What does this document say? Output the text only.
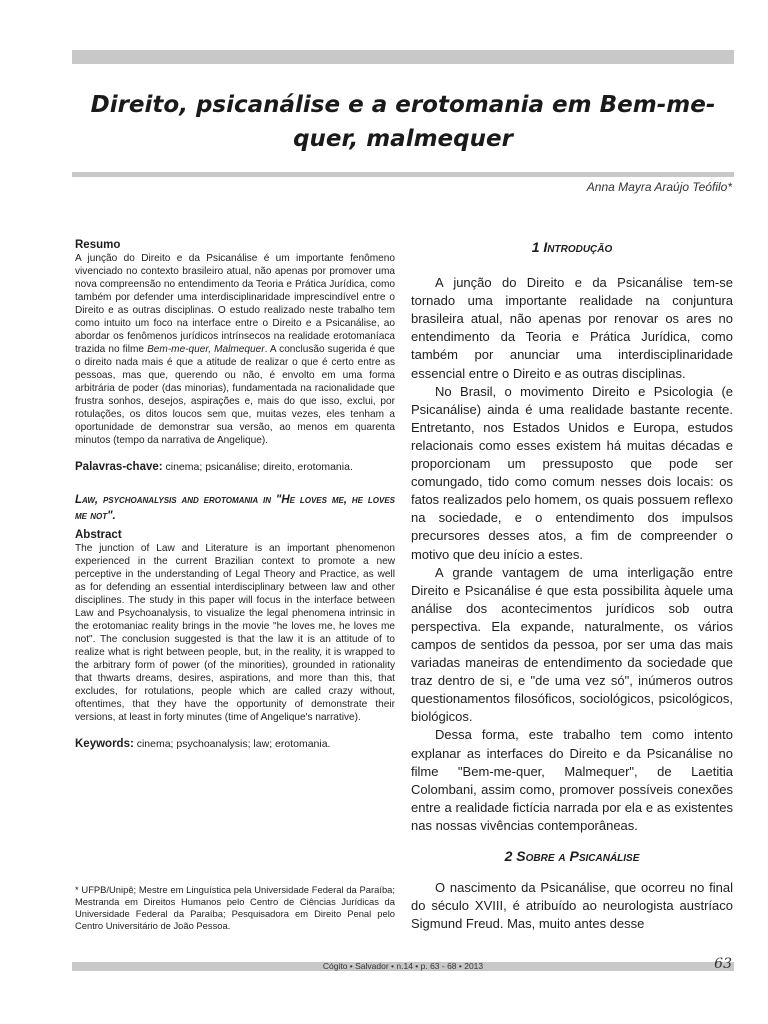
Direito, psicanálise e a erotomania em Bem-me-quer, malmequer
Anna Mayra Araújo Teófilo*

Resumo

A junção do Direito e da Psicanálise é um importante fenômeno vivenciado no contexto brasileiro atual, não apenas por promover uma nova compreensão no entendimento da Teoria e Prática Jurídica, como também por defender uma interdisciplinaridade imprescindível entre o Direito e as outras disciplinas. O estudo realizado neste trabalho tem como intuito um foco na interface entre o Direito e a Psicanálise, ao abordar os fenômenos jurídicos intrínsecos na realidade erotomaníaca trazida no filme Bem-me-quer, Malmequer. A conclusão sugerida é que o direito nada mais é que a atitude de realizar o que é certo entre as pessoas, mas que, querendo ou não, é envolto em uma forma arbitrária de poder (das minorias), fundamentada na racionalidade que frustra sonhos, desejos, aspirações e, mais do que isso, exclui, por rotulações, os ditos loucos sem que, muitas vezes, eles tenham a oportunidade de demonstrar sua versão, ao menos em quarenta minutos (tempo da narrativa de Angelique).

Palavras-chave: cinema; psicanálise; direito, erotomania.

Law, psychoanalysis and erotomania in "He loves me, he loves me not".

Abstract

The junction of Law and Literature is an important phenomenon experienced in the current Brazilian context to promote a new perceptive in the understanding of Legal Theory and Practice, as well as for defending an essential interdisciplinary between law and other disciplines. The study in this paper will focus in the interface between Law and Psychoanalysis, to visualize the legal phenomena intrinsic in the erotomaniac reality brings in the movie "he loves me, he loves me not". The conclusion suggested is that the law it is an attitude of to realize what is right between people, but, in the reality, it is wrapped to the arbitrary form of power (of the minorities), grounded in rationality that thwarts dreams, desires, aspirations, and more than this, that excludes, for rotulations, people which are called crazy without, oftentimes, that they have the opportunity of demonstrate their versions, at least in forty minutes (time of Angelique's narrative).

Keywords: cinema; psychoanalysis; law; erotomania.

* UFPB/Unipê; Mestre em Linguística pela Universidade Federal da Paraíba; Mestranda em Direitos Humanos pelo Centro de Ciências Jurídicas da Universidade Federal da Paraíba; Pesquisadora em Direito Penal pelo Centro Universitário de João Pessoa.

1 Introdução

A junção do Direito e da Psicanálise tem-se tornado uma importante realidade na conjuntura brasileira atual, não apenas por renovar os ares no entendimento da Teoria e Prática Jurídica, como também por anunciar uma interdisciplinaridade essencial entre o Direito e as outras disciplinas.

No Brasil, o movimento Direito e Psicologia (e Psicanálise) ainda é uma realidade bastante recente. Entretanto, nos Estados Unidos e Europa, estudos relacionais como esses existem há muitas décadas e proporcionam um pressuposto que pode ser comungado, tido como comum nesses dois locais: os fatos realizados pelo homem, os quais possuem reflexo na sociedade, e o entendimento dos impulsos precursores desses atos, a fim de compreender o motivo que deu início a estes.

A grande vantagem de uma interligação entre Direito e Psicanálise é que esta possibilita àquele uma análise dos acontecimentos jurídicos sob outra perspectiva. Ela expande, naturalmente, os vários campos de sentidos da pessoa, por ser uma das mais variadas maneiras de entendimento da sociedade que traz dentro de si, e "de uma vez só", inúmeros outros questionamentos filosóficos, sociológicos, psicológicos, biológicos.

Dessa forma, este trabalho tem como intento explanar as interfaces do Direito e da Psicanálise no filme "Bem-me-quer, Malmequer", de Laetitia Colombani, assim como, promover possíveis conexões entre a realidade fictícia narrada por ela e as existentes nas nossas vivências contemporâneas.

2 Sobre a Psicanálise

O nascimento da Psicanálise, que ocorreu no final do século XVIII, é atribuído ao neurologista austríaco Sigmund Freud. Mas, muito antes desse

Cógito • Salvador • n.14 • p. 63 - 68 • 2013	63
